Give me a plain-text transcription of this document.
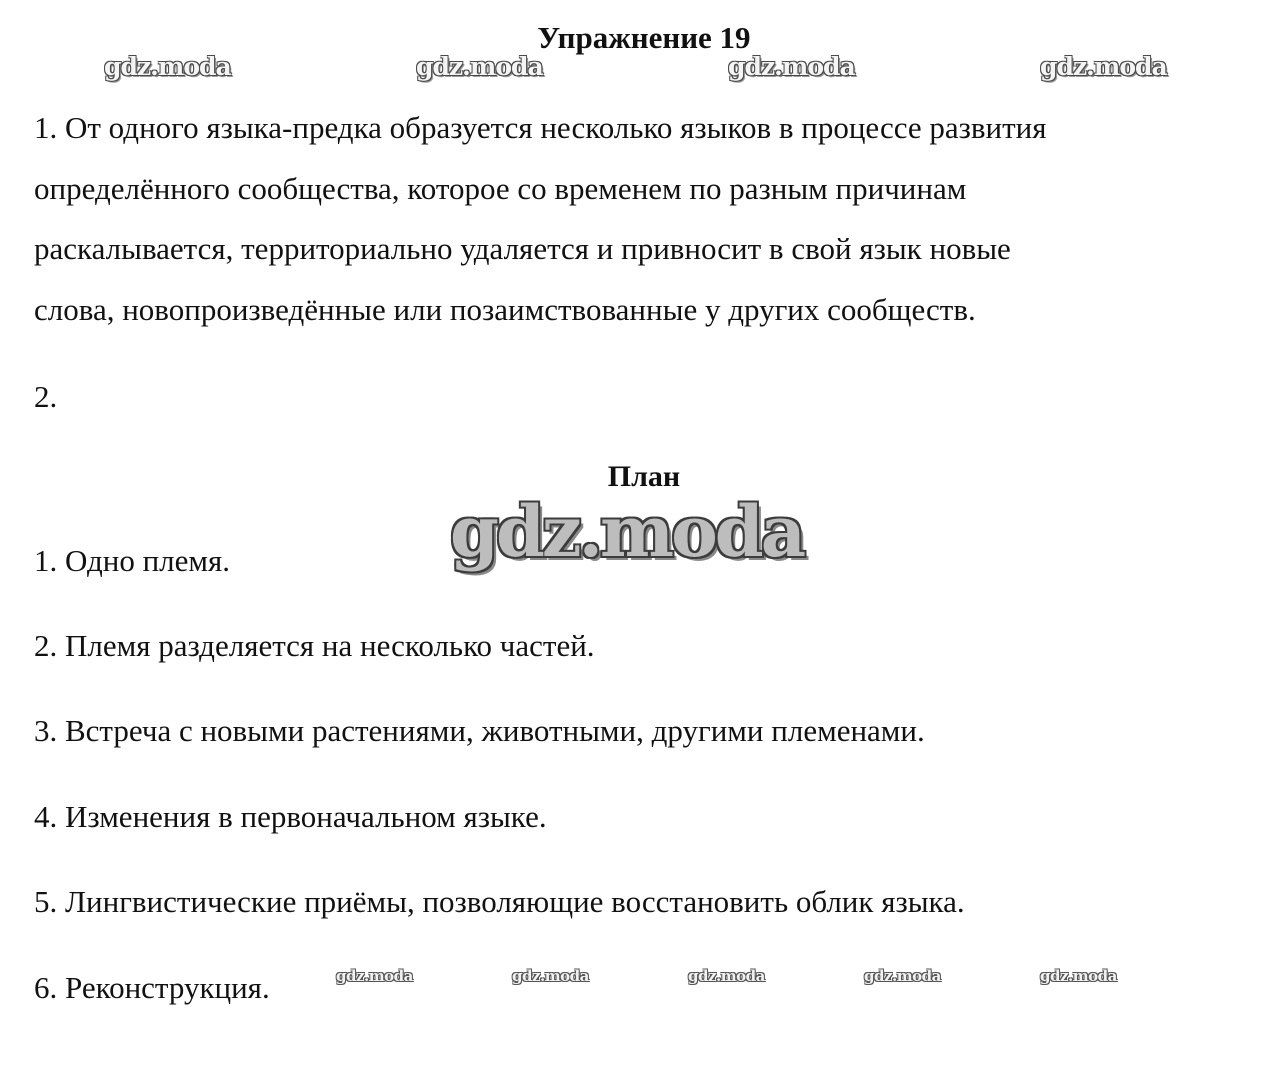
Упражнение 19
gdz.moda	gdz.moda	gdz.moda	gdz.moda
1. От одного языка-предка образуется несколько языков в процессе развития
определённого сообщества, которое со временем по разным причинам
раскалывается, территориально удаляется и привносит в свой язык новые
слова, новопроизведённые или позаимствованные у других сообществ.
2.
План
1. Одно племя.
2. Племя разделяется на несколько частей.
3. Встреча с новыми растениями, животными, другими племенами.
4. Изменения в первоначальном языке.
5. Лингвистические приёмы, позволяющие восстановить облик языка.
6. Реконструкция.
gdz.moda
gdz.moda	gdz.moda	gdz.moda	gdz.moda	gdz.moda
